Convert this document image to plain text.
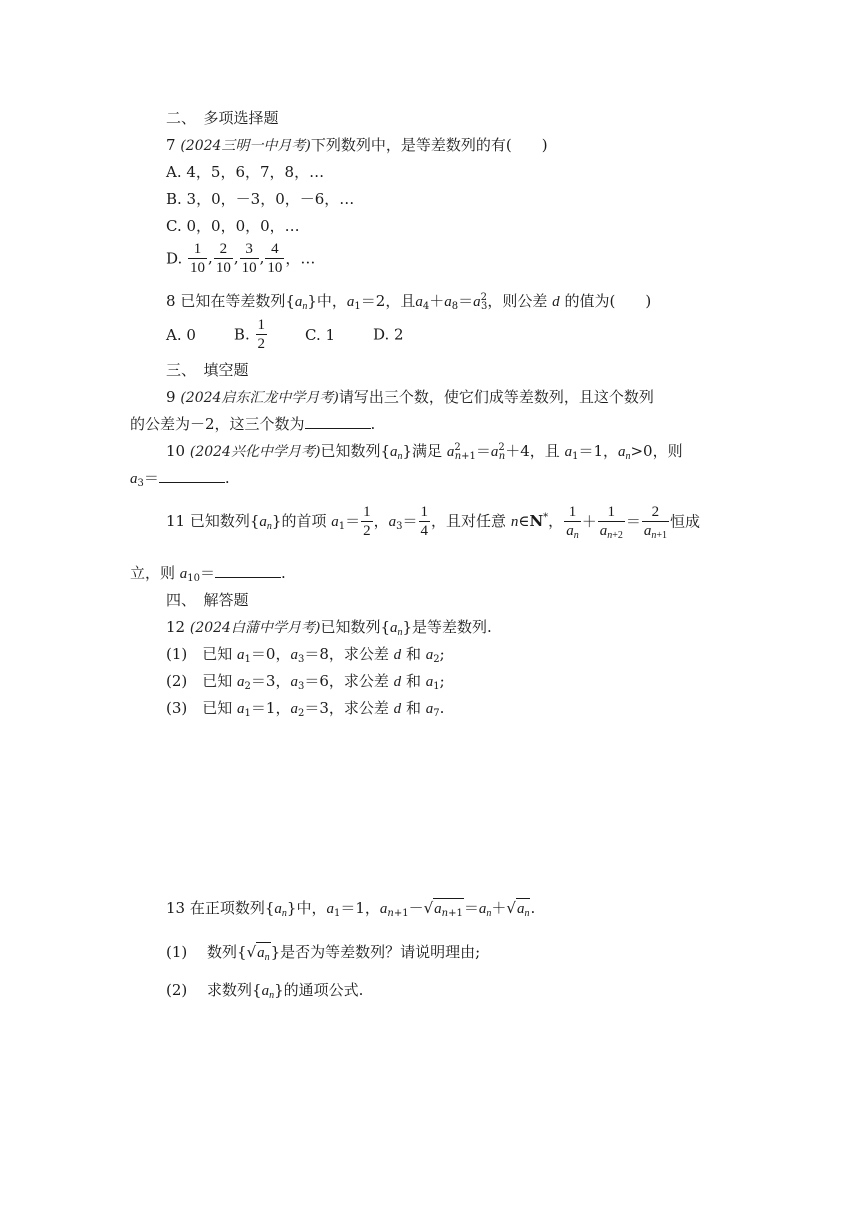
二、　多项选择题
7 (2024三明一中月考)下列数列中，是等差数列的有( )
A. 4，5，6，7，8，…
B. 3，0，－3，0，－6，…
C. 0，0，0，0，…
D. $\frac{1}{10}$ , $\frac{2}{10}$ , $\frac{3}{10}$ , $\frac{4}{10}$ ，…
8 已知在等差数列$\{a_n\}$中，$a_1=2$，且$a_4+a_8=a^2_3$，则公差 d 的值为( )
A. 0	B. $\frac{1}{2}$	C. 1	D. 2
三、　填空题
9 (2024启东汇龙中学月考)请写出三个数，使它们成等差数列，且这个数列
的公差为－2，这三个数为	.
10 (2024兴化中学月考)已知数列$\{a_n\}$满足 $a^2_{n+1}=a^2_n+4$，且 $a_1=1$，$a_n>0$，则
$a_3=$	.
11 已知数列$\{a_n\}$的首项 $a_1= \frac{1}{2}$ ，$a_3= \frac{1}{4}$ ，且对任意 n∈N*， $\frac{1}{a_n} + \frac{1}{a_{n+2}} = \frac{2}{a_{n+1}}$ 恒成
立，则 $a_{10}=$	.
四、　解答题
12 (2024白蒲中学月考)已知数列$\{a_n\}$是等差数列.
(1)　已知 $a_1=0$，$a_3=8$，求公差 d 和 $a_2$;
(2)　已知 $a_2=3$，$a_3=6$，求公差 d 和 $a_1$;
(3)　已知 $a_1=1$，$a_2=3$，求公差 d 和 $a_7$.
13 在正项数列$\{a_n\}$中，$a_1=1$，$a_{n+1}-√a_{n+1}=a_n+√a_n$.
(1)　 数列$\{√a_n\}$是否为等差数列？请说明理由;
(2)　 求数列$\{a_n\}$的通项公式.
